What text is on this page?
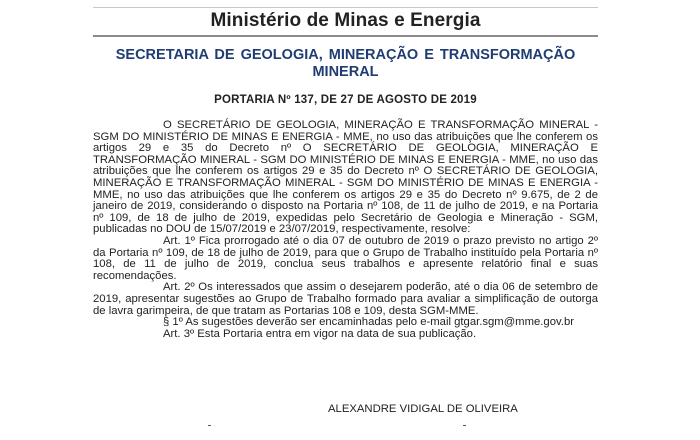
Ministério de Minas e Energia
SECRETARIA DE GEOLOGIA, MINERAÇÃO E TRANSFORMAÇÃO MINERAL
PORTARIA Nº 137, DE 27 DE AGOSTO DE 2019

O SECRETÁRIO DE GEOLOGIA, MINERAÇÃO E TRANSFORMAÇÃO MINERAL - SGM DO MINISTÉRIO DE MINAS E ENERGIA - MME, no uso das atribuições que lhe conferem os artigos 29 e 35 do Decreto nº O SECRETÁRIO DE GEOLOGIA, MINERAÇÃO E TRANSFORMAÇÃO MINERAL - SGM DO MINISTÉRIO DE MINAS E ENERGIA - MME, no uso das atribuições que lhe conferem os artigos 29 e 35 do Decreto nº O SECRETÁRIO DE GEOLOGIA, MINERAÇÃO E TRANSFORMAÇÃO MINERAL - SGM DO MINISTÉRIO DE MINAS E ENERGIA - MME, no uso das atribuições que lhe conferem os artigos 29 e 35 do Decreto nº 9.675, de 2 de janeiro de 2019, considerando o disposto na Portaria nº 108, de 11 de julho de 2019, e na Portaria nº 109, de 18 de julho de 2019, expedidas pelo Secretário de Geologia e Mineração - SGM, publicadas no DOU de 15/07/2019 e 23/07/2019, respectivamente, resolve:

Art. 1º Fica prorrogado até o dia 07 de outubro de 2019 o prazo previsto no artigo 2º da Portaria nº 109, de 18 de julho de 2019, para que o Grupo de Trabalho instituído pela Portaria nº 108, de 11 de julho de 2019, conclua seus trabalhos e apresente relatório final e suas recomendações.

Art. 2º Os interessados que assim o desejarem poderão, até o dia 06 de setembro de 2019, apresentar sugestões ao Grupo de Trabalho formado para avaliar a simplificação de outorga de lavra garimpeira, de que tratam as Portarias 108 e 109, desta SGM-MME.

§ 1º As sugestões deverão ser encaminhadas pelo e-mail gtgar.sgm@mme.gov.br

Art. 3º Esta Portaria entra em vigor na data de sua publicação.

ALEXANDRE VIDIGAL DE OLIVEIRA
